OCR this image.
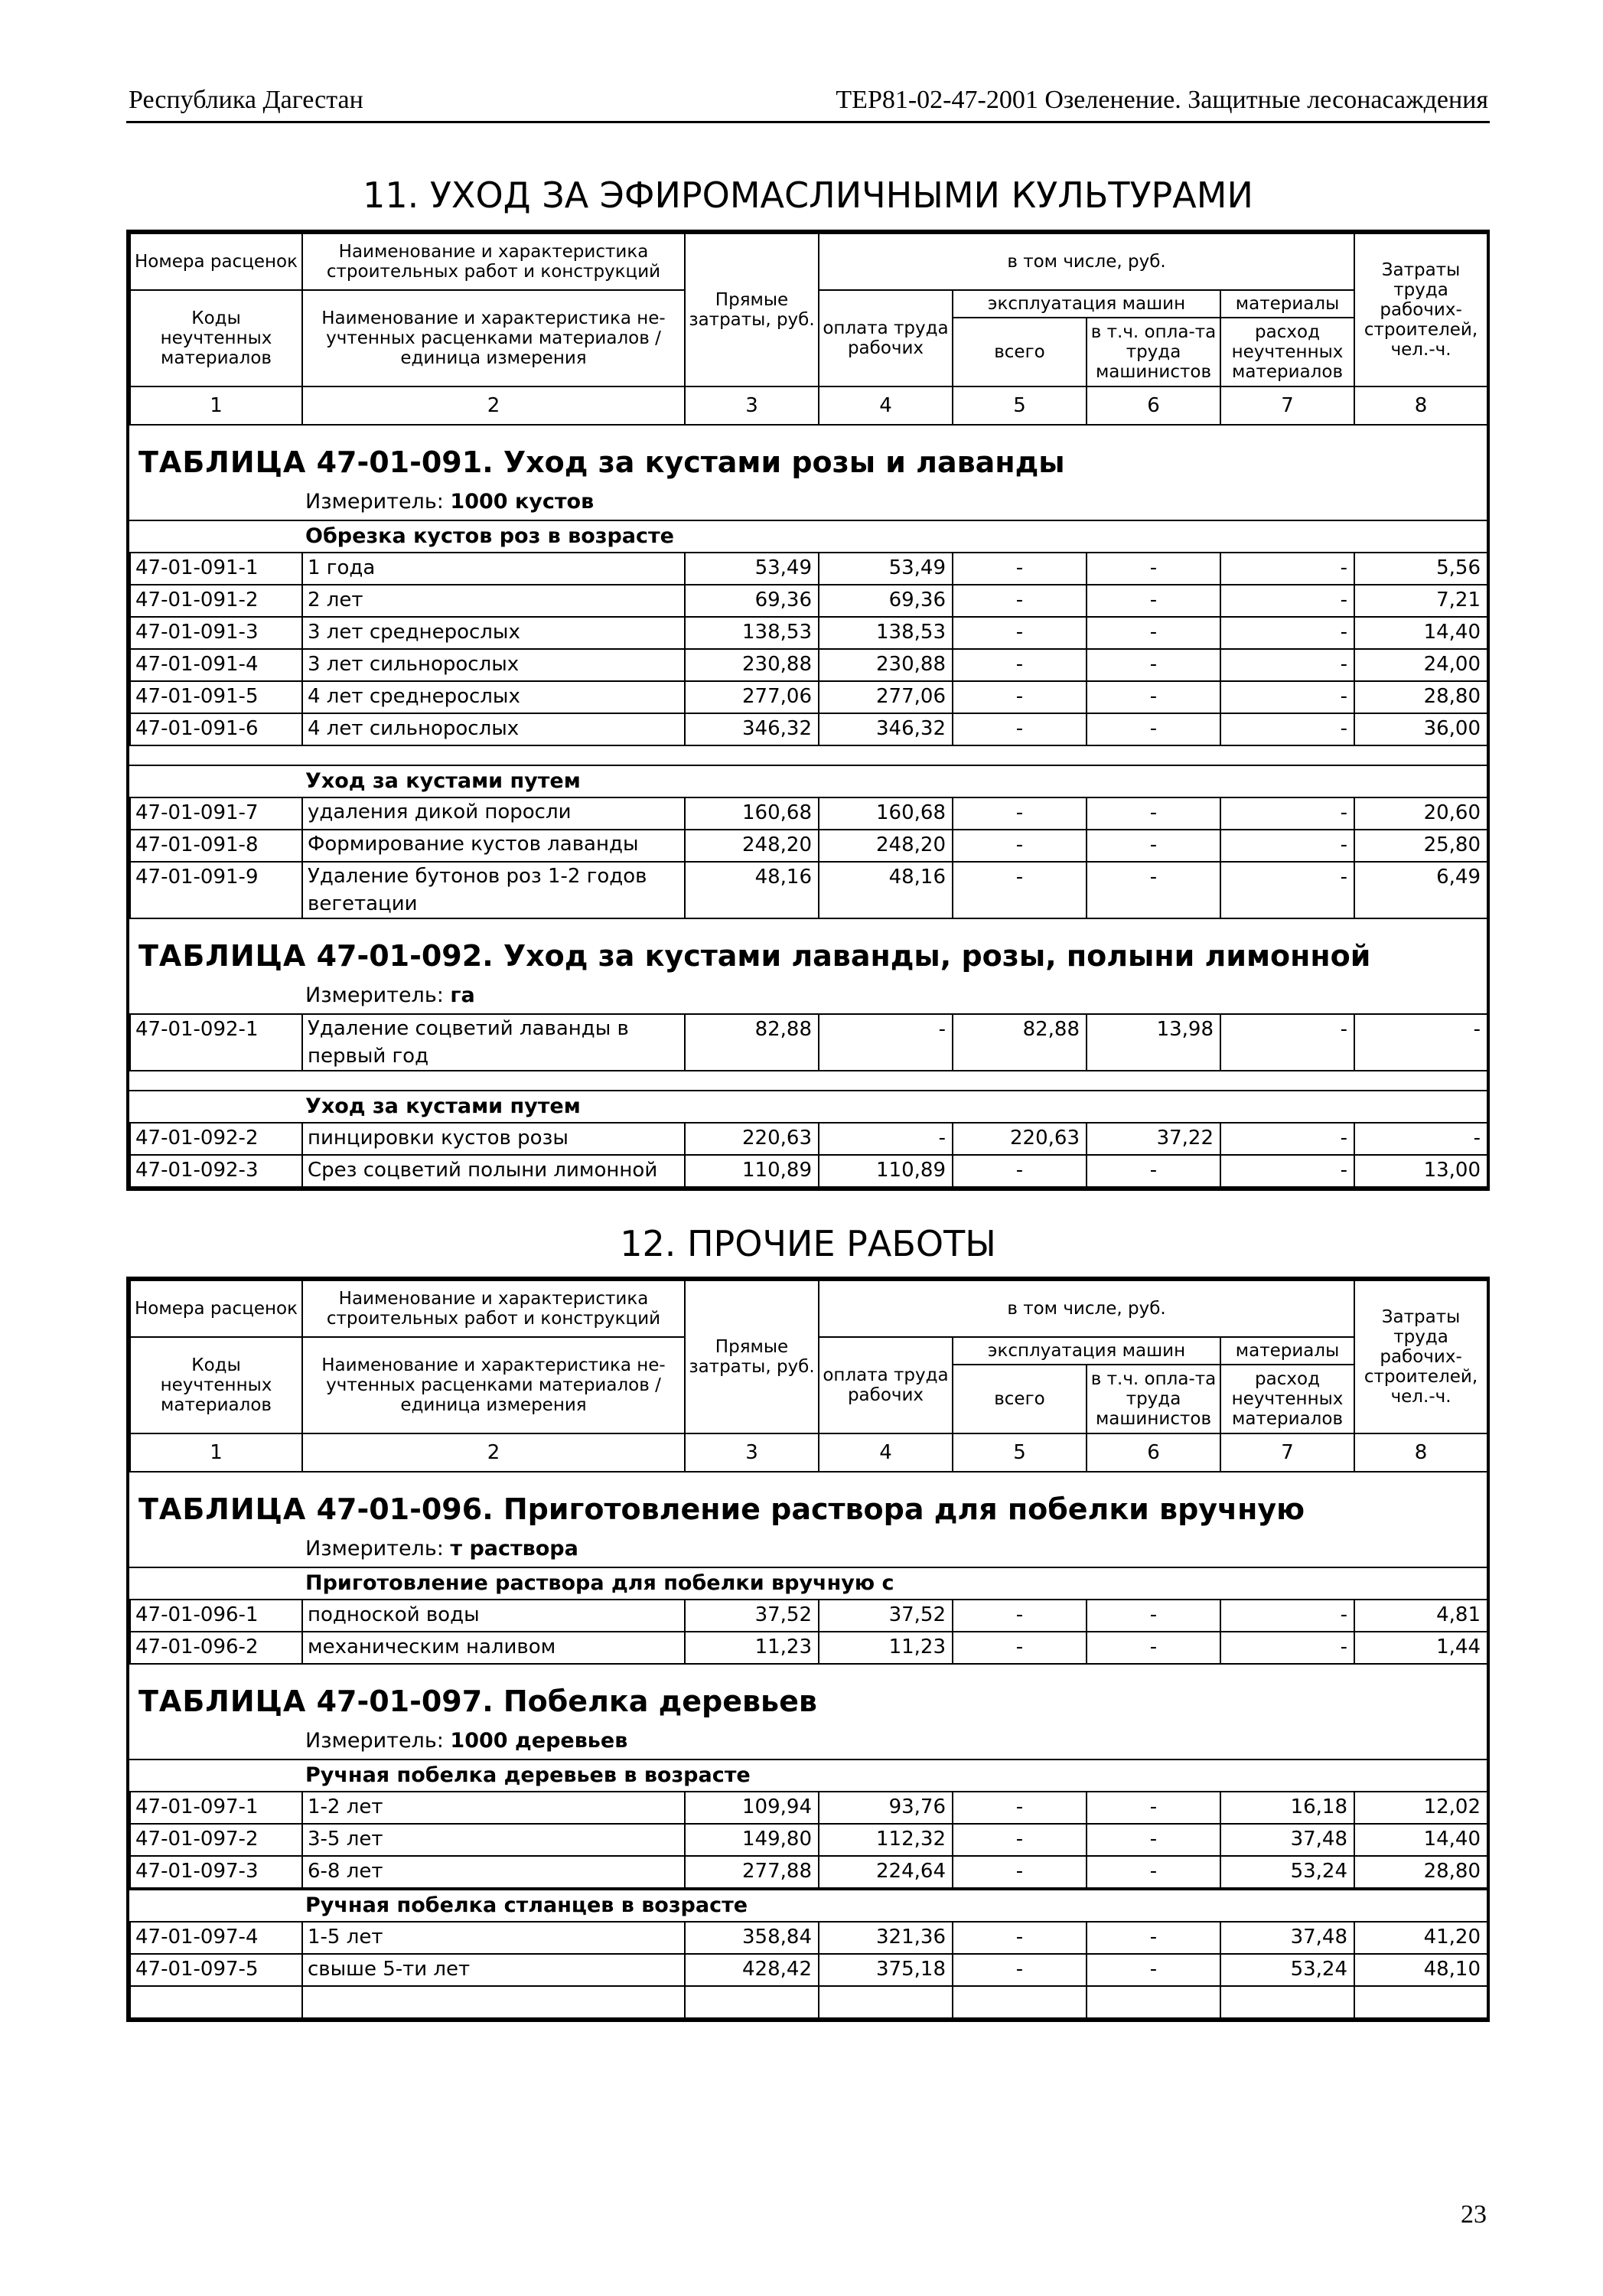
Республика Дагестан	ТЕР81-02-47-2001 Озеленение. Защитные лесонасаждения
11. УХОД ЗА ЭФИРОМАСЛИЧНЫМИ КУЛЬТУРАМИ
Номера расценок	Наименование и характеристика строительных работ и конструкций	Прямые затраты, руб.	в том числе, руб.				Затраты труда рабочих-строителей, чел.-ч.
Коды неучтенных материалов	Наименование и характеристика не-учтенных расценками материалов / единица измерения		оплата труда рабочих	эксплуатация машин		материалы	
				всего	в т.ч. опла-та труда машинистов	расход неучтенных материалов	
1	2	3	4	5	6	7	8
ТАБЛИЦА 47-01-091. Уход за кустами розы и лаванды
Измеритель: 1000 кустов
Обрезка кустов роз в возрасте
47-01-091-1	1 года	53,49	53,49	-	-	-	5,56
47-01-091-2	2 лет	69,36	69,36	-	-	-	7,21
47-01-091-3	3 лет среднерослых	138,53	138,53	-	-	-	14,40
47-01-091-4	3 лет сильнорослых	230,88	230,88	-	-	-	24,00
47-01-091-5	4 лет среднерослых	277,06	277,06	-	-	-	28,80
47-01-091-6	4 лет сильнорослых	346,32	346,32	-	-	-	36,00
Уход за кустами путем
47-01-091-7	удаления дикой поросли	160,68	160,68	-	-	-	20,60
47-01-091-8	Формирование кустов лаванды	248,20	248,20	-	-	-	25,80
47-01-091-9	Удаление бутонов роз 1-2 годов вегетации	48,16	48,16	-	-	-	6,49
ТАБЛИЦА 47-01-092. Уход за кустами лаванды, розы, полыни лимонной
Измеритель: га
47-01-092-1	Удаление соцветий лаванды в первый год	82,88	-	82,88	13,98	-	-
Уход за кустами путем
47-01-092-2	пинцировки кустов розы	220,63	-	220,63	37,22	-	-
47-01-092-3	Срез соцветий полыни лимонной	110,89	110,89	-	-	-	13,00
12. ПРОЧИЕ РАБОТЫ
Номера расценок	Наименование и характеристика строительных работ и конструкций	Прямые затраты, руб.	в том числе, руб.				Затраты труда рабочих-строителей, чел.-ч.
Коды неучтенных материалов	Наименование и характеристика не-учтенных расценками материалов / единица измерения		оплата труда рабочих	эксплуатация машин		материалы	
				всего	в т.ч. опла-та труда машинистов	расход неучтенных материалов	
1	2	3	4	5	6	7	8
ТАБЛИЦА 47-01-096. Приготовление раствора для побелки вручную
Измеритель: т раствора
Приготовление раствора для побелки вручную с
47-01-096-1	подноской воды	37,52	37,52	-	-	-	4,81
47-01-096-2	механическим наливом	11,23	11,23	-	-	-	1,44
ТАБЛИЦА 47-01-097. Побелка деревьев
Измеритель: 1000 деревьев
Ручная побелка деревьев в возрасте
47-01-097-1	1-2 лет	109,94	93,76	-	-	16,18	12,02
47-01-097-2	3-5 лет	149,80	112,32	-	-	37,48	14,40
47-01-097-3	6-8 лет	277,88	224,64	-	-	53,24	28,80
Ручная побелка стланцев в возрасте
47-01-097-4	1-5 лет	358,84	321,36	-	-	37,48	41,20
47-01-097-5	свыше 5-ти лет	428,42	375,18	-	-	53,24	48,10

23
